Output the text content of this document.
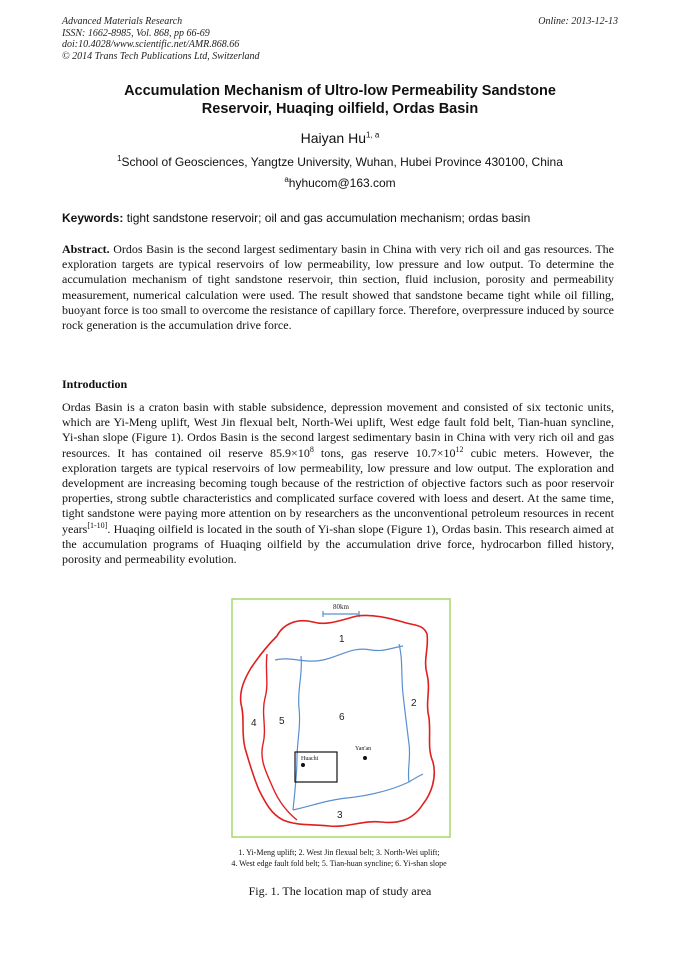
Advanced Materials Research
ISSN: 1662-8985, Vol. 868, pp 66-69
doi:10.4028/www.scientific.net/AMR.868.66
© 2014 Trans Tech Publications Ltd, Switzerland
Online: 2013-12-13
Accumulation Mechanism of Ultro-low Permeability Sandstone
Reservoir, Huaqing oilfield, Ordas Basin
Haiyan Hu$^{1, a}$
$^1$School of Geosciences, Yangtze University, Wuhan, Hubei Province 430100, China
$^a$hyhucom@163.com
Keywords: tight sandstone reservoir; oil and gas accumulation mechanism; ordas basin
Abstract. Ordos Basin is the second largest sedimentary basin in China with very rich oil and gas resources. The exploration targets are typical reservoirs of low permeability, low pressure and low output. To determine the accumulation mechanism of tight sandstone reservoir, thin section, fluid inclusion, porosity and permeability measurement, numerical calculation were used. The result showed that sandstone became tight while oil filling, buoyant force is too small to overcome the resistance of capillary force. Therefore, overpressure induced by source rock generation is the accumulation drive force.
Introduction
Ordas Basin is a craton basin with stable subsidence, depression movement and consisted of six tectonic units, which are Yi-Meng uplift, West Jin flexual belt, North-Wei uplift, West edge fault fold belt, Tian-huan syncline, Yi-shan slope (Figure 1). Ordos Basin is the second largest sedimentary basin in China with very rich oil and gas resources. It has contained oil reserve $85.9\times 10^8$ tons, gas reserve $10.7\times 10^{12}$ cubic meters. However, the exploration targets are typical reservoirs of low permeability, low pressure and low output. The exploration and development are increasing becoming tough because of the restriction of objective factors such as poor reservoir properties, strong subtle characteristics and complicated surface covered with loess and desert. At the same time, tight sandstone were paying more attention on by researchers as the unconventional petroleum resources in recent years[1-10]. Huaqing oilfield is located in the south of Yi-shan slope (Figure 1), Ordas basin. This research aimed at the accumulation programs of Huaqing oilfield by the accumulation drive force, hydrocarbon filled history, porosity and permeability evolution.
80km
Huachi
Yan'an
1
2
3
4 5	6
1. Yi-Meng uplift; 2. West Jin flexual belt; 3. North-Wei uplift;
4. West edge fault fold belt; 5. Tian-huan syncline; 6. Yi-shan slope
Fig. 1. The location map of study area
